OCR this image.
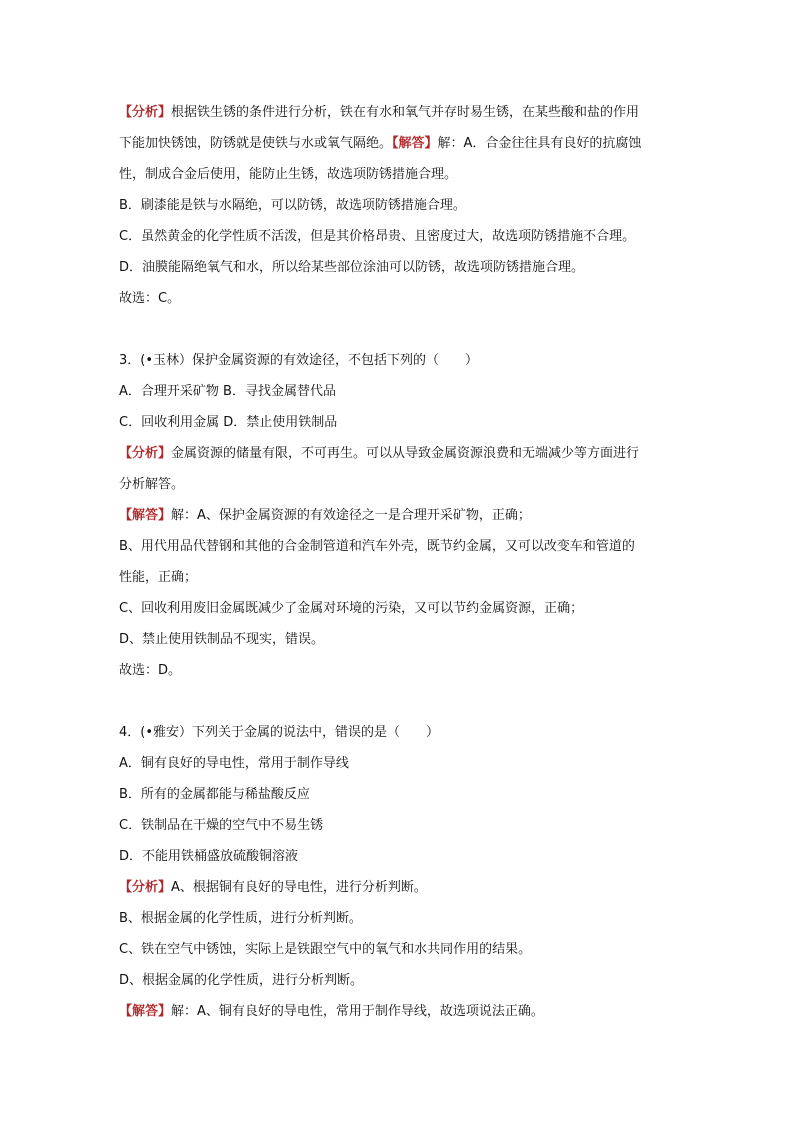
【分析】根据铁生锈的条件进行分析，铁在有水和氧气并存时易生锈，在某些酸和盐的作用
下能加快锈蚀，防锈就是使铁与水或氧气隔绝。【解答】解：A．合金往往具有良好的抗腐蚀
性，制成合金后使用，能防止生锈，故选项防锈措施合理。
B．刷漆能是铁与水隔绝，可以防锈，故选项防锈措施合理。
C．虽然黄金的化学性质不活泼，但是其价格昂贵、且密度过大，故选项防锈措施不合理。
D．油膜能隔绝氧气和水，所以给某些部位涂油可以防锈，故选项防锈措施合理。
故选：C。
3．(•玉林）保护金属资源的有效途径，不包括下列的（　　）
A．合理开采矿物 B．寻找金属替代品
C．回收利用金属 D．禁止使用铁制品
【分析】金属资源的储量有限，不可再生。可以从导致金属资源浪费和无端减少等方面进行
分析解答。
【解答】解：A、保护金属资源的有效途径之一是合理开采矿物，正确；
B、用代用品代替钢和其他的合金制管道和汽车外壳，既节约金属，又可以改变车和管道的
性能，正确；
C、回收利用废旧金属既减少了金属对环境的污染，又可以节约金属资源，正确；
D、禁止使用铁制品不现实，错误。
故选：D。
4．(•雅安）下列关于金属的说法中，错误的是（　　）
A．铜有良好的导电性，常用于制作导线
B．所有的金属都能与稀盐酸反应
C．铁制品在干燥的空气中不易生锈
D．不能用铁桶盛放硫酸铜溶液
【分析】A、根据铜有良好的导电性，进行分析判断。
B、根据金属的化学性质，进行分析判断。
C、铁在空气中锈蚀，实际上是铁跟空气中的氧气和水共同作用的结果。
D、根据金属的化学性质，进行分析判断。
【解答】解：A、铜有良好的导电性，常用于制作导线，故选项说法正确。
